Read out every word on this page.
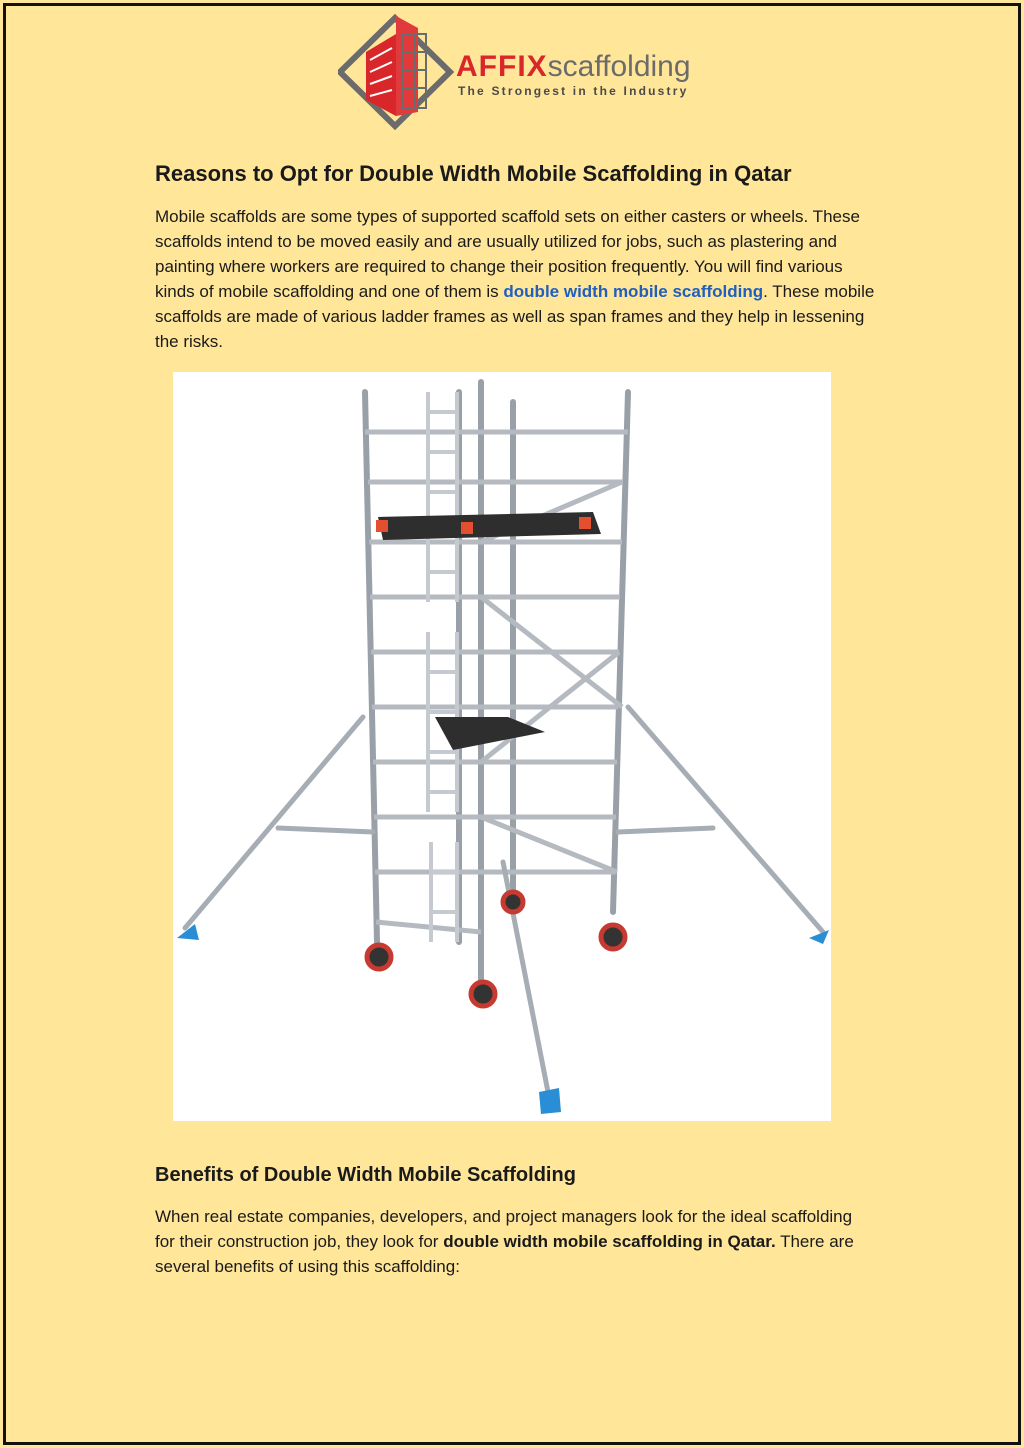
AFFIXscaffolding
The Strongest in the Industry
Reasons to Opt for Double Width Mobile Scaffolding in Qatar

Mobile scaffolds are some types of supported scaffold sets on either casters or wheels. These scaffolds intend to be moved easily and are usually utilized for jobs, such as plastering and painting where workers are required to change their position frequently. You will find various kinds of mobile scaffolding and one of them is double width mobile scaffolding. These mobile scaffolds are made of various ladder frames as well as span frames and they help in lessening the risks.

Benefits of Double Width Mobile Scaffolding

When real estate companies, developers, and project managers look for the ideal scaffolding for their construction job, they look for double width mobile scaffolding in Qatar. There are several benefits of using this scaffolding:
